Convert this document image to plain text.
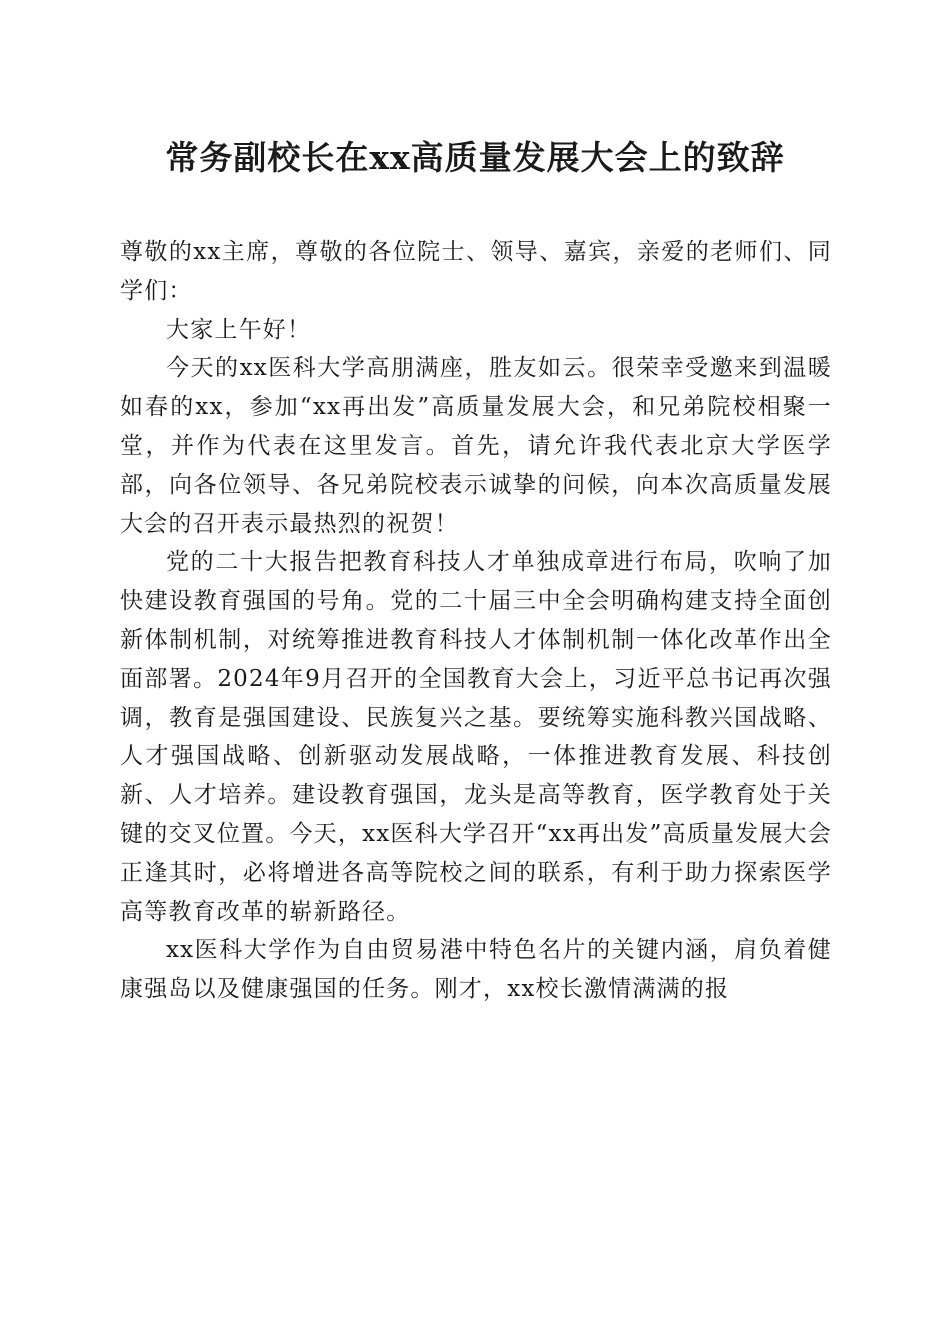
常务副校长在xx高质量发展大会上的致辞

尊敬的xx主席，尊敬的各位院士、领导、嘉宾，亲爱的老师们、同学们：

大家上午好！

今天的xx医科大学高朋满座，胜友如云。很荣幸受邀来到温暖如春的xx，参加“xx再出发”高质量发展大会，和兄弟院校相聚一堂，并作为代表在这里发言。首先，请允许我代表北京大学医学部，向各位领导、各兄弟院校表示诚挚的问候，向本次高质量发展大会的召开表示最热烈的祝贺！

党的二十大报告把教育科技人才单独成章进行布局，吹响了加快建设教育强国的号角。党的二十届三中全会明确构建支持全面创新体制机制，对统筹推进教育科技人才体制机制一体化改革作出全面部署。2024年9月召开的全国教育大会上，习近平总书记再次强调，教育是强国建设、民族复兴之基。要统筹实施科教兴国战略、人才强国战略、创新驱动发展战略，一体推进教育发展、科技创新、人才培养。建设教育强国，龙头是高等教育，医学教育处于关键的交叉位置。今天，xx医科大学召开“xx再出发”高质量发展大会正逢其时，必将增进各高等院校之间的联系，有利于助力探索医学高等教育改革的崭新路径。

xx医科大学作为自由贸易港中特色名片的关键内涵，肩负着健康强岛以及健康强国的任务。刚才，xx校长激情满满的报
